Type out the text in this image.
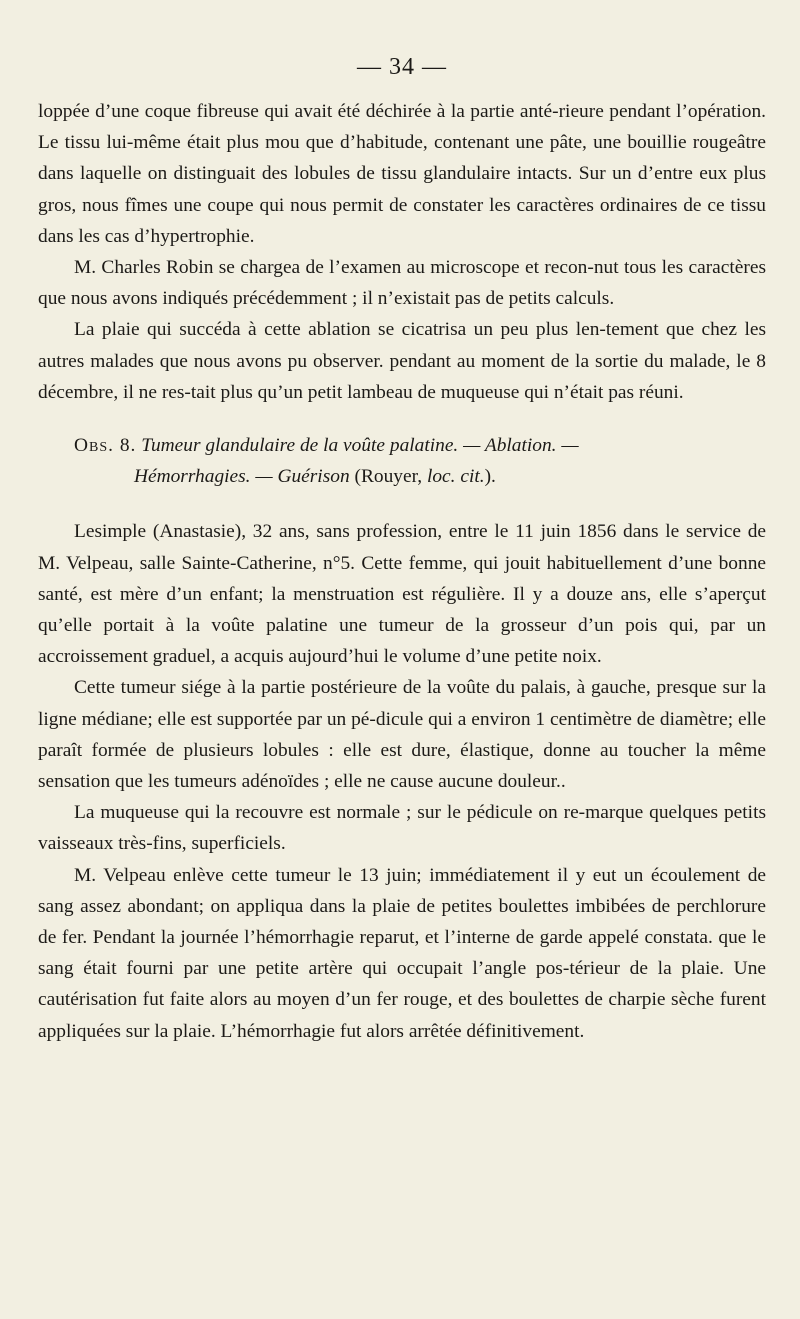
— 34 —

loppée d’une coque fibreuse qui avait été déchirée à la partie anté-rieure pendant l’opération. Le tissu lui-même était plus mou que d’habitude, contenant une pâte, une bouillie rougeâtre dans laquelle on distinguait des lobules de tissu glandulaire intacts. Sur un d’entre eux plus gros, nous fîmes une coupe qui nous permit de constater les caractères ordinaires de ce tissu dans les cas d’hypertrophie.

M. Charles Robin se chargea de l’examen au microscope et recon-nut tous les caractères que nous avons indiqués précédemment ; il n’existait pas de petits calculs.

La plaie qui succéda à cette ablation se cicatrisa un peu plus len-tement que chez les autres malades que nous avons pu observer. pendant au moment de la sortie du malade, le 8 décembre, il ne res-tait plus qu’un petit lambeau de muqueuse qui n’était pas réuni.

Obs. 8. Tumeur glandulaire de la voûte palatine. — Ablation. —
Hémorrhagies. — Guérison (Rouyer, loc. cit.).

Lesimple (Anastasie), 32 ans, sans profession, entre le 11 juin 1856 dans le service de M. Velpeau, salle Sainte-Catherine, n°5. Cette femme, qui jouit habituellement d’une bonne santé, est mère d’un enfant; la menstruation est régulière. Il y a douze ans, elle s’aperçut qu’elle portait à la voûte palatine une tumeur de la grosseur d’un pois qui, par un accroissement graduel, a acquis aujourd’hui le volume d’une petite noix.

Cette tumeur siége à la partie postérieure de la voûte du palais, à gauche, presque sur la ligne médiane; elle est supportée par un pé-dicule qui a environ 1 centimètre de diamètre; elle paraît formée de plusieurs lobules : elle est dure, élastique, donne au toucher la même sensation que les tumeurs adénoïdes ; elle ne cause aucune douleur..

La muqueuse qui la recouvre est normale ; sur le pédicule on re-marque quelques petits vaisseaux très-fins, superficiels.

M. Velpeau enlève cette tumeur le 13 juin; immédiatement il y eut un écoulement de sang assez abondant; on appliqua dans la plaie de petites boulettes imbibées de perchlorure de fer. Pendant la journée l’hémorrhagie reparut, et l’interne de garde appelé constata. que le sang était fourni par une petite artère qui occupait l’angle pos-térieur de la plaie. Une cautérisation fut faite alors au moyen d’un fer rouge, et des boulettes de charpie sèche furent appliquées sur la plaie. L’hémorrhagie fut alors arrêtée définitivement.
